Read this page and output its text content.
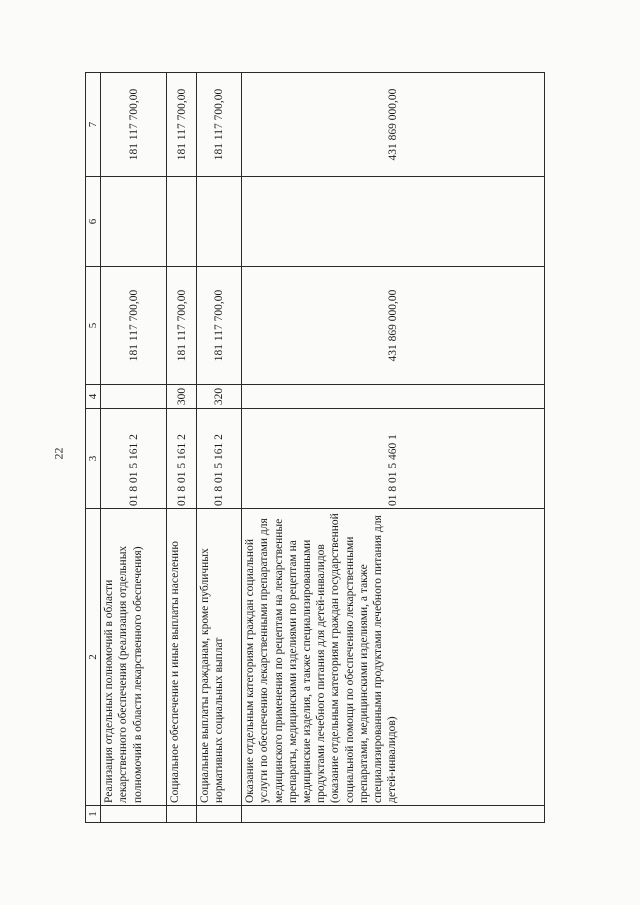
22
1	2	3	4	5	6	7
	Реализация отдельных полномочий в области лекарственного обеспечения (реализация отдельных полномочий в области лекарственного обеспечения)	01 8 01 5 161 2		181 117 700,00		181 117 700,00
	Социальное обеспечение и иные выплаты населению	01 8 01 5 161 2	300	181 117 700,00		181 117 700,00
	Социальные выплаты гражданам, кроме публичных нормативных социальных выплат	01 8 01 5 161 2	320	181 117 700,00		181 117 700,00
	Оказание отдельным категориям граждан социальной услуги по обеспечению лекарственными препаратами для медицинского применения по рецептам на лекарственные препараты, медицинскими изделиями по рецептам на медицинские изделия, а также специализированными продуктами лечебного питания для детей-инвалидов (оказание отдельным категориям граждан государственной социальной помощи по обеспечению лекарственными препаратами, медицинскими изделиями, а также специализированными продуктами лечебного питания для детей-инвалидов)	01 8 01 5 460 1		431 869 000,00		431 869 000,00
